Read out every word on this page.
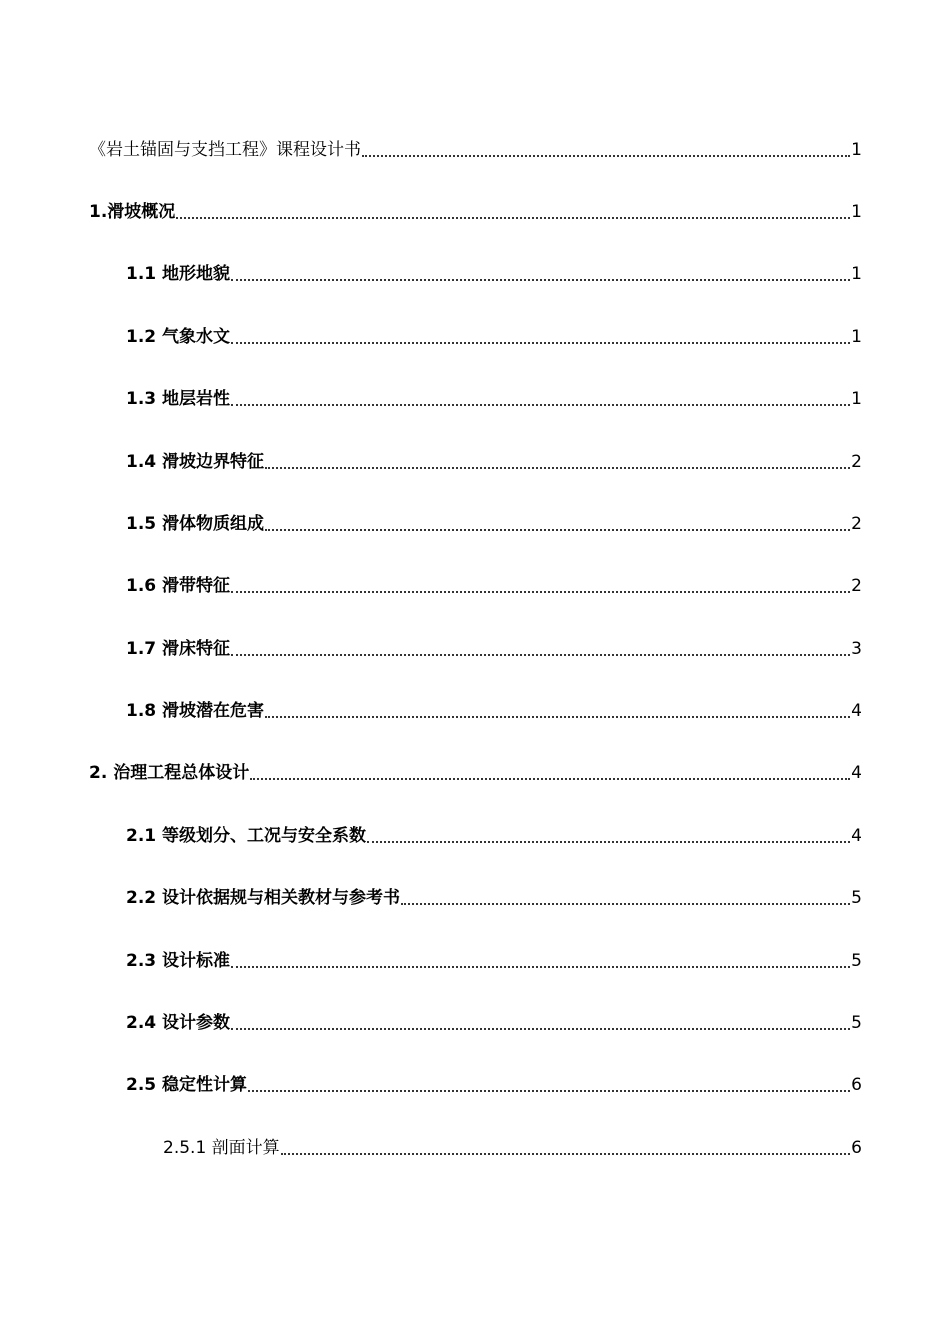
《岩土锚固与支挡工程》课程设计书	1
1.滑坡概况	1
1.1 地形地貌	1
1.2 气象水文	1
1.3 地层岩性	1
1.4 滑坡边界特征	2
1.5 滑体物质组成	2
1.6 滑带特征	2
1.7 滑床特征	3
1.8 滑坡潜在危害	4
2. 治理工程总体设计	4
2.1 等级划分、工况与安全系数	4
2.2 设计依据规与相关教材与参考书	5
2.3 设计标准	5
2.4 设计参数	5
2.5 稳定性计算	6
2.5.1 剖面计算	6
